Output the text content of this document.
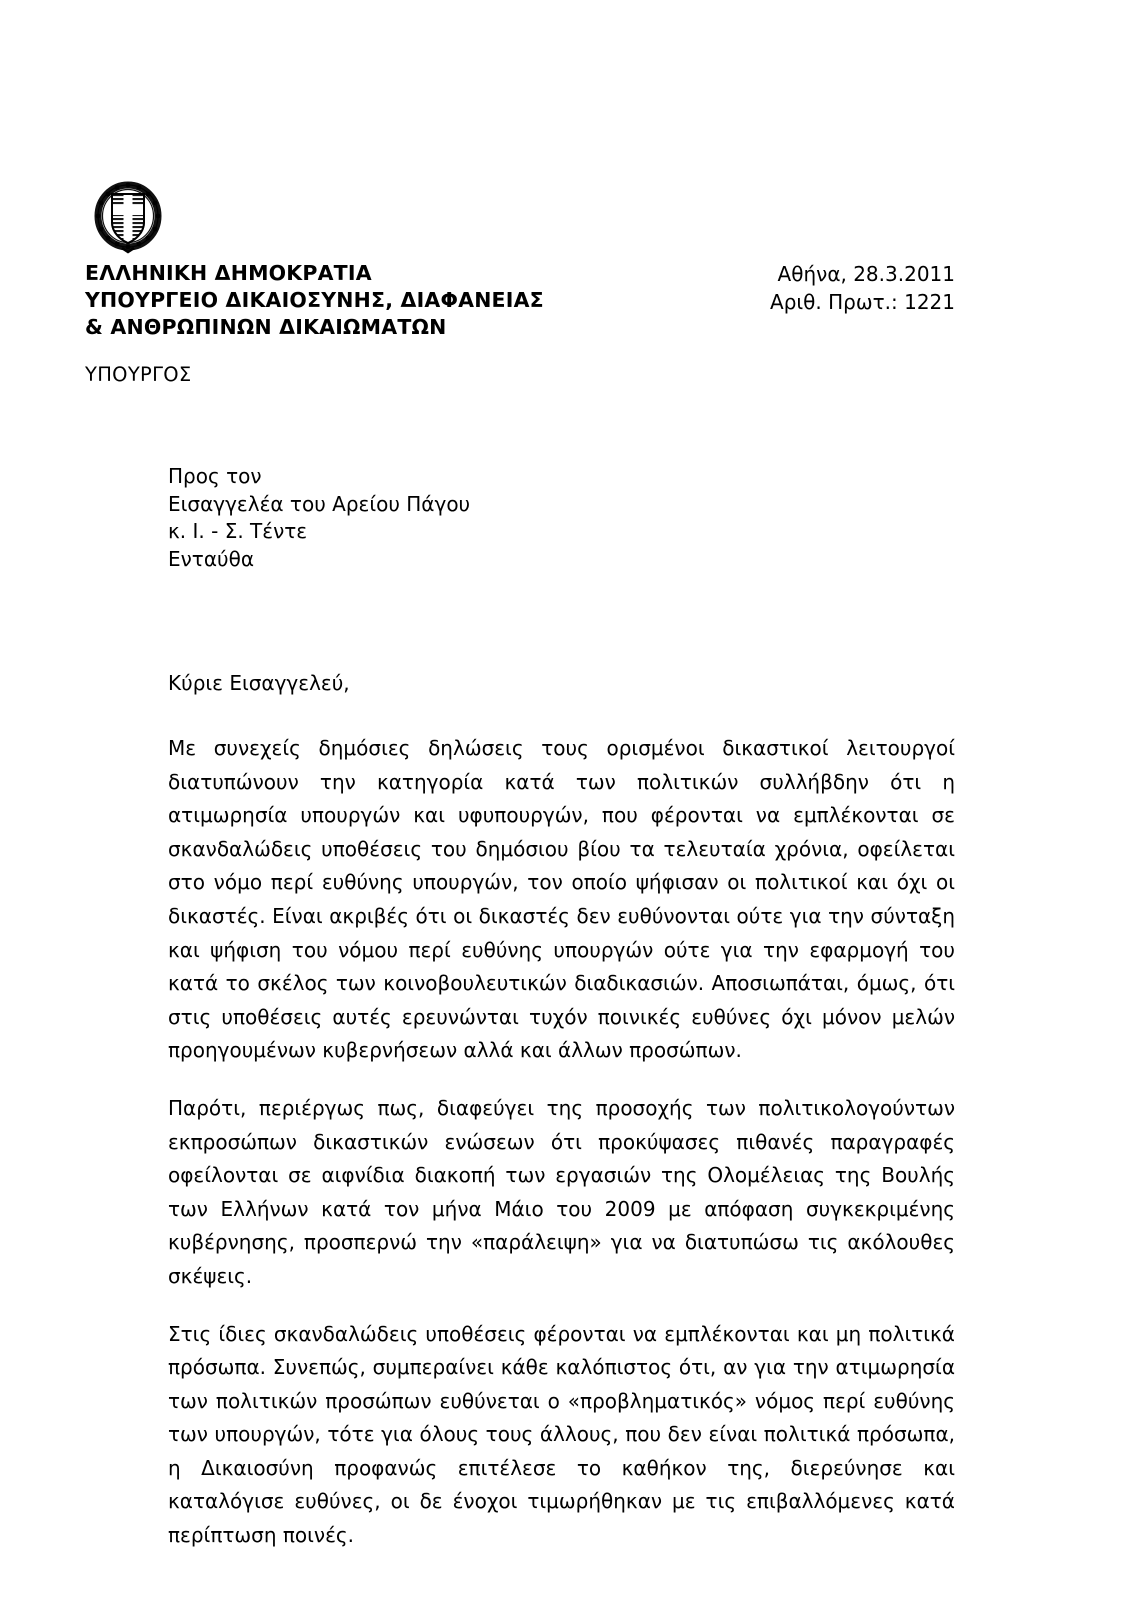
ΕΛΛΗΝΙΚΗ ΔΗΜΟΚΡΑΤΙΑ
ΥΠΟΥΡΓΕΙΟ ΔΙΚΑΙΟΣΥΝΗΣ, ΔΙΑΦΑΝΕΙΑΣ
& ΑΝΘΡΩΠΙΝΩΝ ΔΙΚΑΙΩΜΑΤΩΝ
ΥΠΟΥΡΓΟΣ
Αθήνα, 28.3.2011
Αριθ. Πρωτ.: 1221
Προς τον
Εισαγγελέα του Αρείου Πάγου
κ. Ι. - Σ. Τέντε
Ενταύθα

Κύριε Εισαγγελεύ,

Με συνεχείς δημόσιες δηλώσεις τους ορισμένοι δικαστικοί λειτουργοί διατυπώνουν την κατηγορία κατά των πολιτικών συλλήβδην ότι η ατιμωρησία υπουργών και υφυπουργών, που φέρονται να εμπλέκονται σε σκανδαλώδεις υποθέσεις του δημόσιου βίου τα τελευταία χρόνια, οφείλεται στο νόμο περί ευθύνης υπουργών, τον οποίο ψήφισαν οι πολιτικοί και όχι οι δικαστές. Είναι ακριβές ότι οι δικαστές δεν ευθύνονται ούτε για την σύνταξη και ψήφιση του νόμου περί ευθύνης υπουργών ούτε για την εφαρμογή του κατά το σκέλος των κοινοβουλευτικών διαδικασιών. Αποσιωπάται, όμως, ότι στις υποθέσεις αυτές ερευνώνται τυχόν ποινικές ευθύνες όχι μόνον μελών προηγουμένων κυβερνήσεων αλλά και άλλων προσώπων.

Παρότι, περιέργως πως, διαφεύγει της προσοχής των πολιτικολογούντων εκπροσώπων δικαστικών ενώσεων ότι προκύψασες πιθανές παραγραφές οφείλονται σε αιφνίδια διακοπή των εργασιών της Ολομέλειας της Βουλής των Ελλήνων κατά τον μήνα Μάιο του 2009 με απόφαση συγκεκριμένης κυβέρνησης, προσπερνώ την «παράλειψη» για να διατυπώσω τις ακόλουθες σκέψεις.

Στις ίδιες σκανδαλώδεις υποθέσεις φέρονται να εμπλέκονται και μη πολιτικά πρόσωπα. Συνεπώς, συμπεραίνει κάθε καλόπιστος ότι, αν για την ατιμωρησία των πολιτικών προσώπων ευθύνεται ο «προβληματικός» νόμος περί ευθύνης των υπουργών, τότε για όλους τους άλλους, που δεν είναι πολιτικά πρόσωπα, η Δικαιοσύνη προφανώς επιτέλεσε το καθήκον της, διερεύνησε και καταλόγισε ευθύνες, οι δε ένοχοι τιμωρήθηκαν με τις επιβαλλόμενες κατά περίπτωση ποινές.
